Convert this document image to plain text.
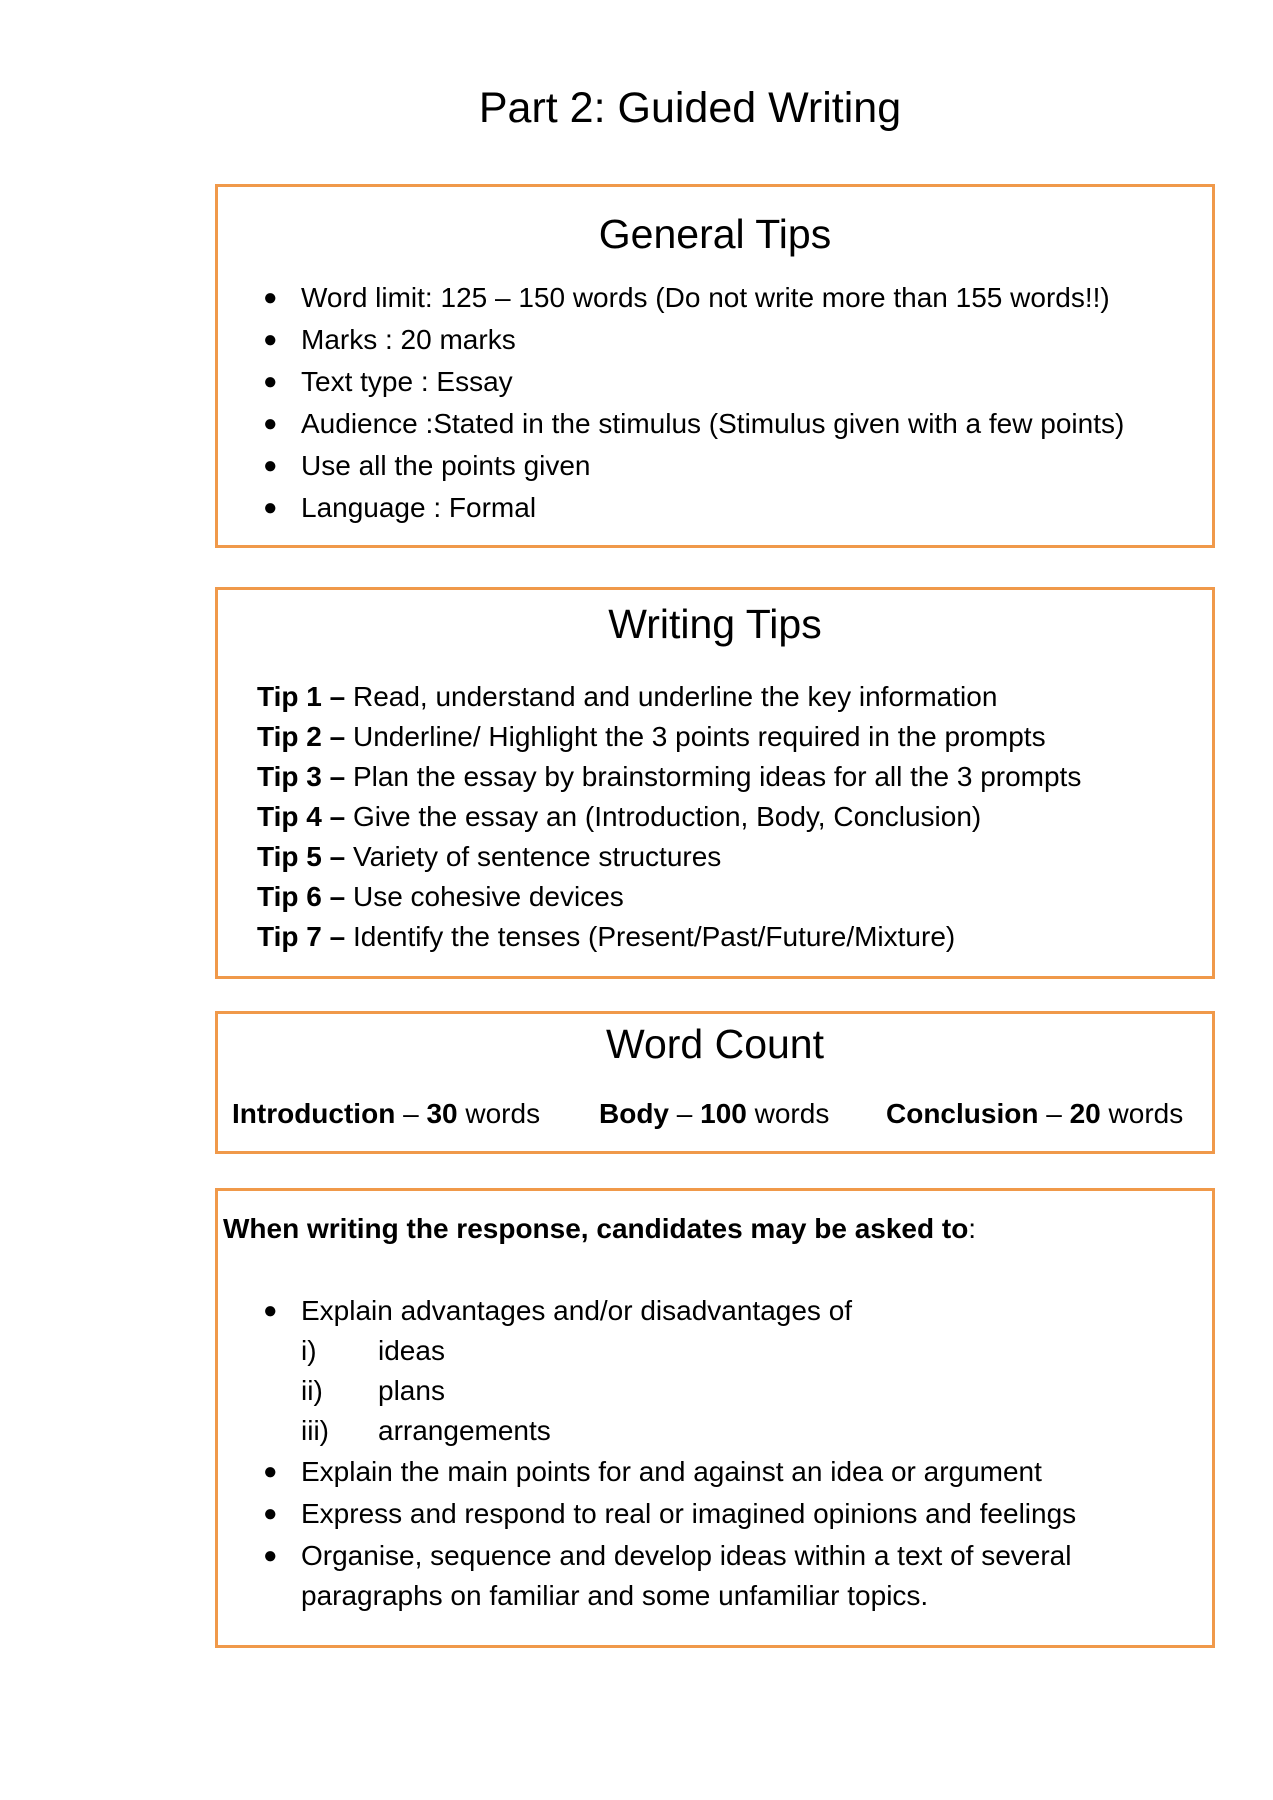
Part 2: Guided Writing
General Tips
● Word limit: 125 – 150 words (Do not write more than 155 words!!)
● Marks : 20 marks
● Text type : Essay
● Audience :Stated in the stimulus (Stimulus given with a few points)
● Use all the points given
● Language : Formal
Writing Tips
Tip 1 – Read, understand and underline the key information
Tip 2 – Underline/ Highlight the 3 points required in the prompts
Tip 3 – Plan the essay by brainstorming ideas for all the 3 prompts
Tip 4 – Give the essay an (Introduction, Body, Conclusion)
Tip 5 – Variety of sentence structures
Tip 6 – Use cohesive devices
Tip 7 – Identify the tenses (Present/Past/Future/Mixture)
Word Count
Introduction – 30 words Body – 100 words Conclusion – 20 words
When writing the response, candidates may be asked to:
● Explain advantages and/or disadvantages of
i) ideas
ii) plans
iii) arrangements
● Explain the main points for and against an idea or argument
● Express and respond to real or imagined opinions and feelings
● Organise, sequence and develop ideas within a text of several
paragraphs on familiar and some unfamiliar topics.
